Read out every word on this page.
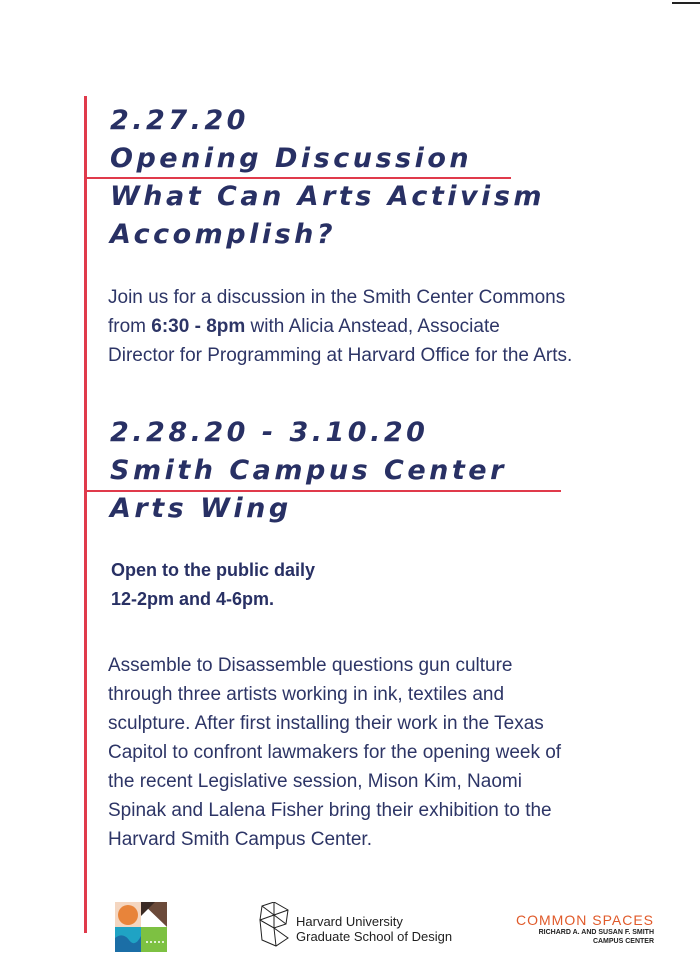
2.27.20
Opening Discussion
What Can Arts Activism
Accomplish?
Join us for a discussion in the Smith Center Commons
from 6:30 - 8pm with Alicia Anstead, Associate
Director for Programming at Harvard Office for the Arts.
2.28.20 - 3.10.20
Smith Campus Center
Arts Wing
Open to the public daily
12-2pm and 4-6pm.
Assemble to Disassemble questions gun culture
through three artists working in ink, textiles and
sculpture. After first installing their work in the Texas
Capitol to confront lawmakers for the opening week of
the recent Legislative session, Mison Kim, Naomi
Spinak and Lalena Fisher bring their exhibition to the
Harvard Smith Campus Center.
Harvard University
Graduate School of Design
COMMON SPACES
RICHARD A. AND SUSAN F. SMITH
CAMPUS CENTER
